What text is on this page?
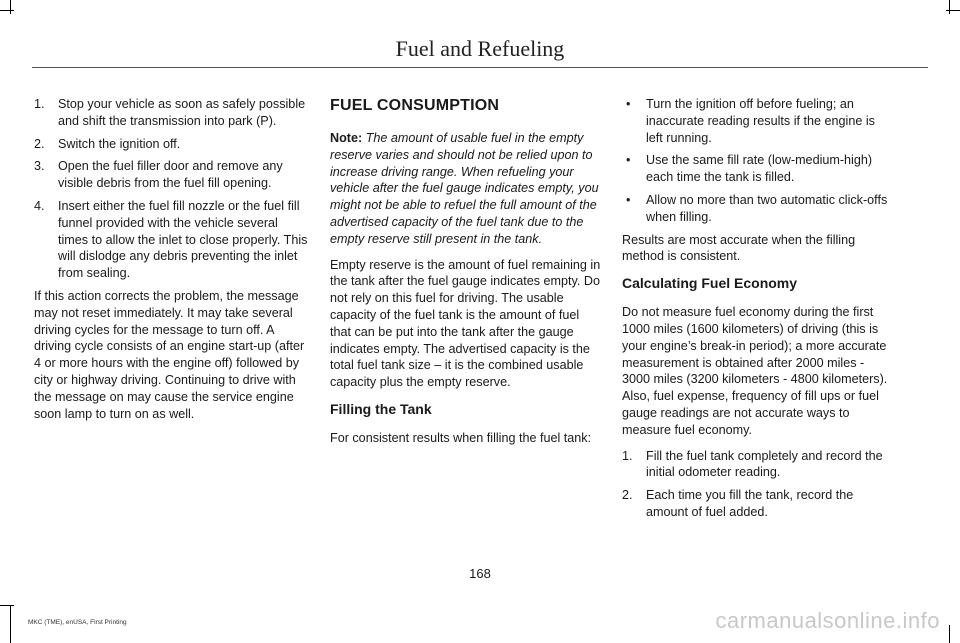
Fuel and Refueling
1.	Stop your vehicle as soon as safely possible and shift the transmission into park (P).
2.	Switch the ignition off.
3.	Open the fuel filler door and remove any visible debris from the fuel fill opening.
4.	Insert either the fuel fill nozzle or the fuel fill funnel provided with the vehicle several times to allow the inlet to close properly. This will dislodge any debris preventing the inlet from sealing.

If this action corrects the problem, the message may not reset immediately. It may take several driving cycles for the message to turn off. A driving cycle consists of an engine start-up (after 4 or more hours with the engine off) followed by city or highway driving. Continuing to drive with the message on may cause the service engine soon lamp to turn on as well.

FUEL CONSUMPTION

Note: The amount of usable fuel in the empty reserve varies and should not be relied upon to increase driving range. When refueling your vehicle after the fuel gauge indicates empty, you might not be able to refuel the full amount of the advertised capacity of the fuel tank due to the empty reserve still present in the tank.

Empty reserve is the amount of fuel remaining in the tank after the fuel gauge indicates empty. Do not rely on this fuel for driving. The usable capacity of the fuel tank is the amount of fuel that can be put into the tank after the gauge indicates empty. The advertised capacity is the total fuel tank size – it is the combined usable capacity plus the empty reserve.

Filling the Tank

For consistent results when filling the fuel tank:

•	Turn the ignition off before fueling; an inaccurate reading results if the engine is left running.
•	Use the same fill rate (low-medium-high) each time the tank is filled.
•	Allow no more than two automatic click-offs when filling.

Results are most accurate when the filling method is consistent.

Calculating Fuel Economy

Do not measure fuel economy during the first 1000 miles (1600 kilometers) of driving (this is your engine’s break-in period); a more accurate measurement is obtained after 2000 miles - 3000 miles (3200 kilometers - 4800 kilometers). Also, fuel expense, frequency of fill ups or fuel gauge readings are not accurate ways to measure fuel economy.

1.	Fill the fuel tank completely and record the initial odometer reading.
2.	Each time you fill the tank, record the amount of fuel added.
168
MKC (TME), enUSA, First Printing	carmanualsonline.info
